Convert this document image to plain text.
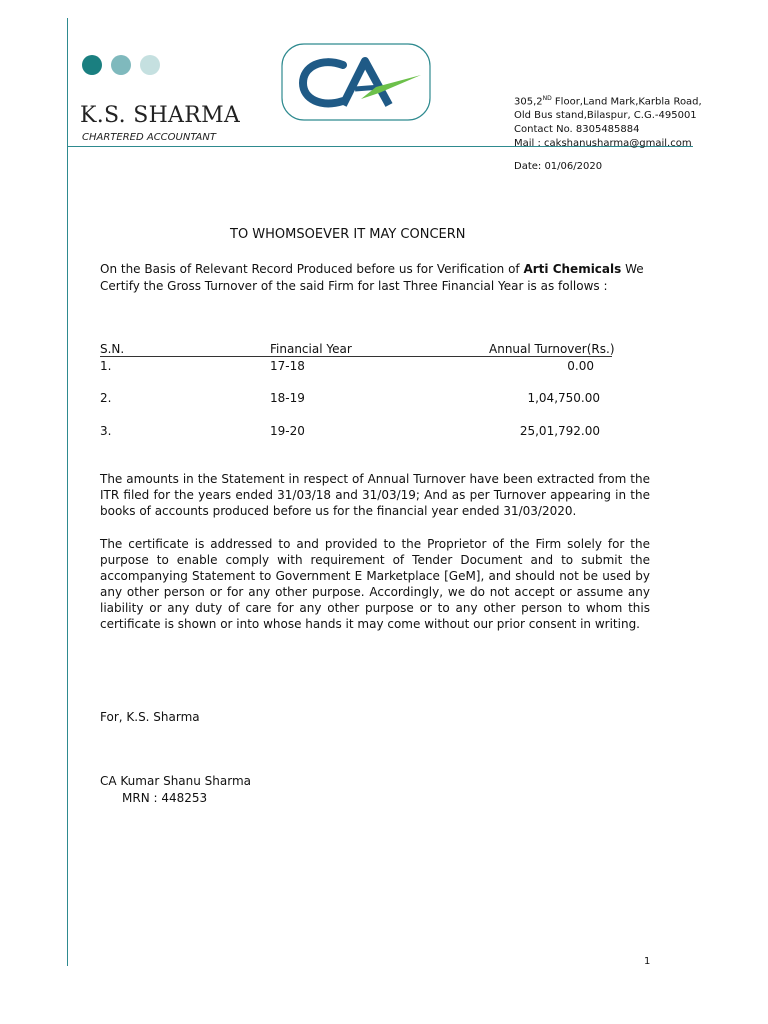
K.S. SHARMA
CHARTERED ACCOUNTANT
305,2ND Floor,Land Mark,Karbla Road,
Old Bus stand,Bilaspur, C.G.-495001
Contact No. 8305485884
Mail : cakshanusharma@gmail.com
Date: 01/06/2020
TO WHOMSOEVER IT MAY CONCERN
On the Basis of Relevant Record Produced before us for Verification of Arti Chemicals We Certify the Gross Turnover of the said Firm for last Three Financial Year is as follows :
S.N.	Financial Year	Annual Turnover(Rs.)
1.	17-18	0.00
2.	18-19	1,04,750.00
3.	19-20	25,01,792.00
The amounts in the Statement in respect of Annual Turnover have been extracted from the ITR filed for the years ended 31/03/18 and 31/03/19; And as per Turnover appearing in the books of accounts produced before us for the financial year ended 31/03/2020.
The certificate is addressed to and provided to the Proprietor of the Firm solely for the purpose to enable comply with requirement of Tender Document and to submit the accompanying Statement to Government E Marketplace [GeM], and should not be used by any other person or for any other purpose. Accordingly, we do not accept or assume any liability or any duty of care for any other purpose or to any other person to whom this certificate is shown or into whose hands it may come without our prior consent in writing.
For, K.S. Sharma
CA Kumar Shanu Sharma
MRN : 448253
1
